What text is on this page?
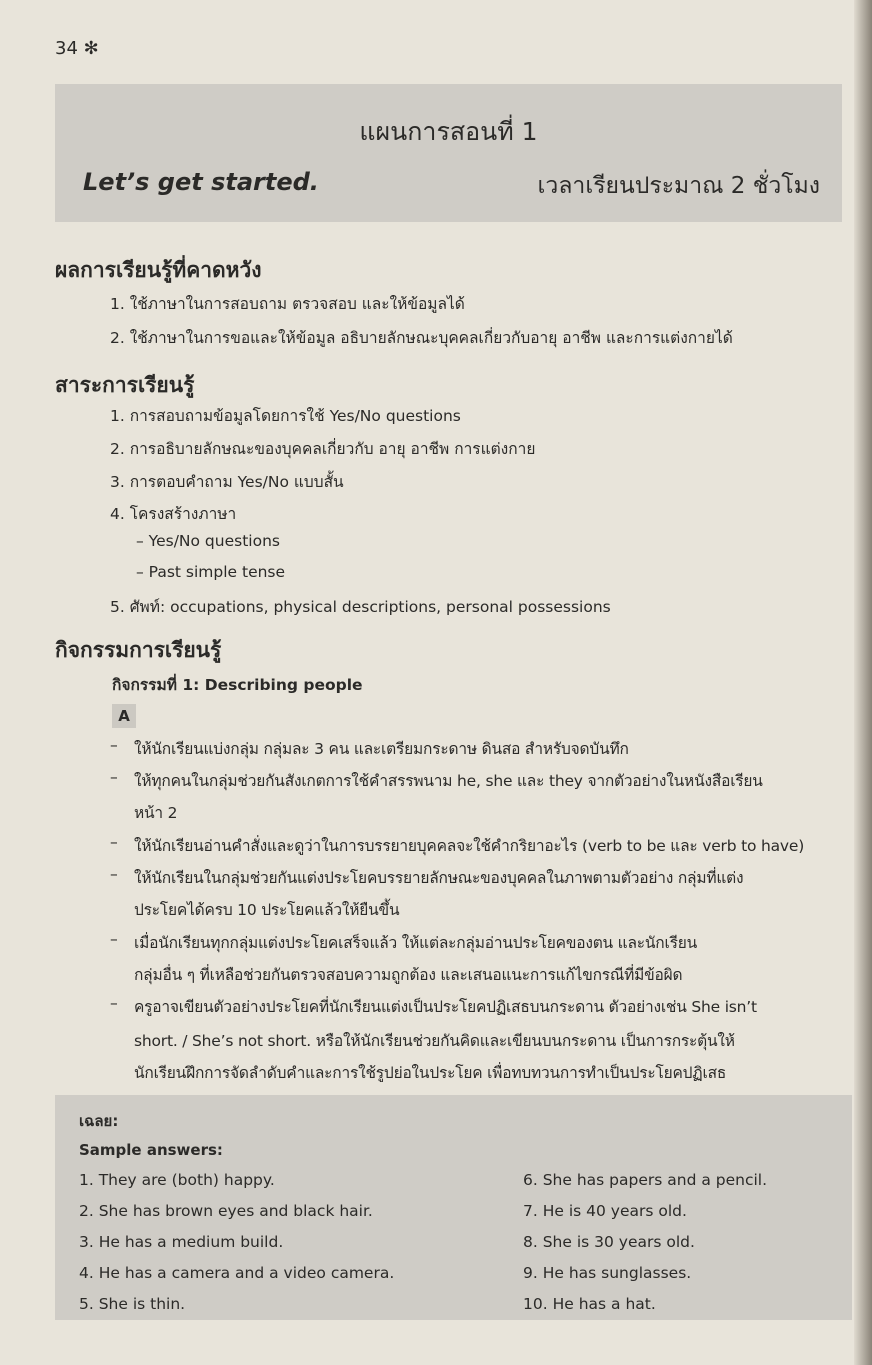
34 ✻
แผนการสอนที่ 1
Let’s get started.	เวลาเรียนประมาณ 2 ชั่วโมง
ผลการเรียนรู้ที่คาดหวัง
1. ใช้ภาษาในการสอบถาม ตรวจสอบ และให้ข้อมูลได้
2. ใช้ภาษาในการขอและให้ข้อมูล อธิบายลักษณะบุคคลเกี่ยวกับอายุ อาชีพ และการแต่งกายได้
สาระการเรียนรู้
1. การสอบถามข้อมูลโดยการใช้ Yes/No questions
2. การอธิบายลักษณะของบุคคลเกี่ยวกับ อายุ อาชีพ การแต่งกาย
3. การตอบคำถาม Yes/No แบบสั้น
4. โครงสร้างภาษา
– Yes/No questions
– Past simple tense
5. ศัพท์: occupations, physical descriptions, personal possessions
กิจกรรมการเรียนรู้
กิจกรรมที่ 1: Describing people
A
– ให้นักเรียนแบ่งกลุ่ม กลุ่มละ 3 คน และเตรียมกระดาษ ดินสอ สำหรับจดบันทึก
– ให้ทุกคนในกลุ่มช่วยกันสังเกตการใช้คำสรรพนาม he, she และ they จากตัวอย่างในหนังสือเรียน
หน้า 2
– ให้นักเรียนอ่านคำสั่งและดูว่าในการบรรยายบุคคลจะใช้คำกริยาอะไร (verb to be และ verb to have)
– ให้นักเรียนในกลุ่มช่วยกันแต่งประโยคบรรยายลักษณะของบุคคลในภาพตามตัวอย่าง กลุ่มที่แต่ง
ประโยคได้ครบ 10 ประโยคแล้วให้ยืนขึ้น
– เมื่อนักเรียนทุกกลุ่มแต่งประโยคเสร็จแล้ว ให้แต่ละกลุ่มอ่านประโยคของตน และนักเรียน
กลุ่มอื่น ๆ ที่เหลือช่วยกันตรวจสอบความถูกต้อง และเสนอแนะการแก้ไขกรณีที่มีข้อผิด
– ครูอาจเขียนตัวอย่างประโยคที่นักเรียนแต่งเป็นประโยคปฏิเสธบนกระดาน ตัวอย่างเช่น She isn’t
short. / She’s not short. หรือให้นักเรียนช่วยกันคิดและเขียนบนกระดาน เป็นการกระตุ้นให้
นักเรียนฝึกการจัดลำดับคำและการใช้รูปย่อในประโยค เพื่อทบทวนการทำเป็นประโยคปฏิเสธ
เฉลย:
Sample answers:
1. They are (both) happy.
2. She has brown eyes and black hair.
3. He has a medium build.
4. He has a camera and a video camera.
5. She is thin.
6. She has papers and a pencil.
7. He is 40 years old.
8. She is 30 years old.
9. He has sunglasses.
10. He has a hat.
